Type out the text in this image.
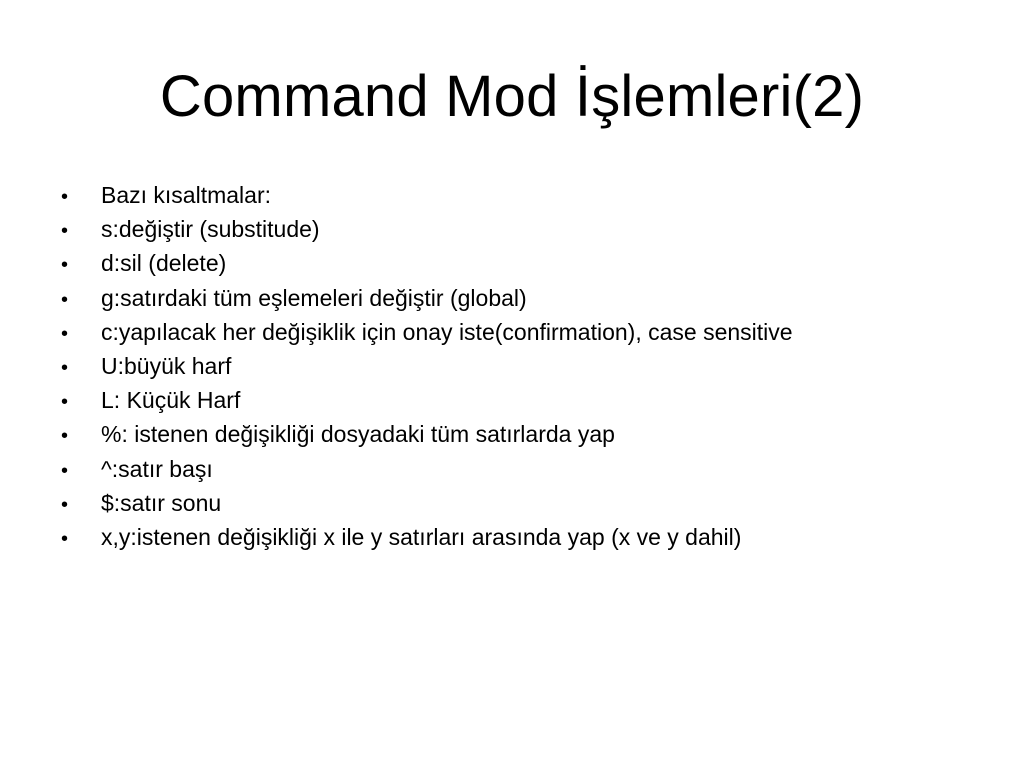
Command Mod İşlemleri(2)
•	Bazı kısaltmalar:
•	s:değiştir (substitude)
•	d:sil (delete)
•	g:satırdaki tüm eşlemeleri değiştir (global)
•	c:yapılacak her değişiklik için onay iste(confirmation), case sensitive
•	U:büyük harf
•	L: Küçük Harf
•	%: istenen değişikliği dosyadaki tüm satırlarda yap
•	^:satır başı
•	$:satır sonu
•	x,y:istenen değişikliği x ile y satırları arasında yap (x ve y dahil)
